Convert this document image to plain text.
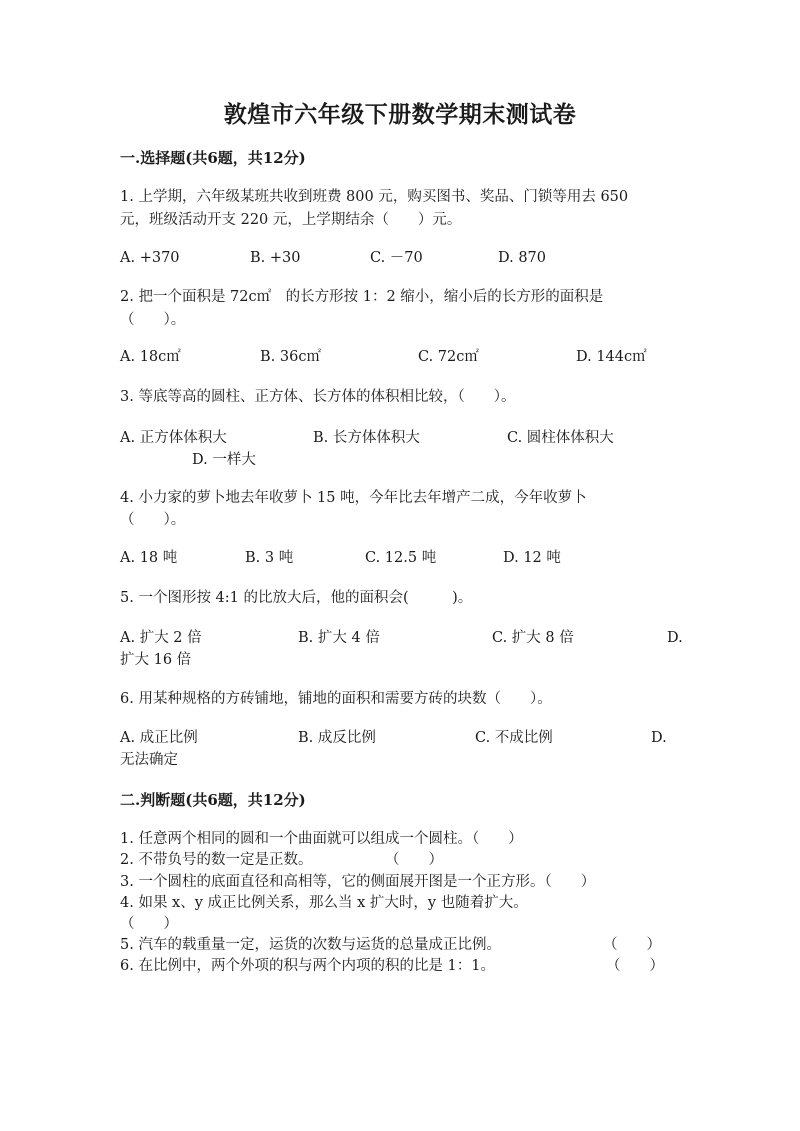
敦煌市六年级下册数学期末测试卷
一.选择题(共6题，共12分)
1. 上学期，六年级某班共收到班费 800 元，购买图书、奖品、门锁等用去 650
元，班级活动开支 220 元，上学期结余（　　）元。
A. +370	B. +30	C. －70	D. 870
2. 把一个面积是 72c㎡　的长方形按 1：2 缩小，缩小后的长方形的面积是
（　　）。
A. 18c㎡	B. 36c㎡	C. 72c㎡	D. 144c㎡
3. 等底等高的圆柱、正方体、长方体的体积相比较，（　　）。
A. 正方体体积大	B. 长方体体积大	C. 圆柱体体积大
D. 一样大
4. 小力家的萝卜地去年收萝卜 15 吨，今年比去年增产二成，今年收萝卜
（　　）。
A. 18 吨	B. 3 吨	C. 12.5 吨	D. 12 吨
5. 一个图形按 4:1 的比放大后，他的面积会(　　　)。
A. 扩大 2 倍	B. 扩大 4 倍	C. 扩大 8 倍	D.
扩大 16 倍
6. 用某种规格的方砖铺地，铺地的面积和需要方砖的块数（　　）。
A. 成正比例	B. 成反比例	C. 不成比例	D.
无法确定
二.判断题(共6题，共12分)
1. 任意两个相同的圆和一个曲面就可以组成一个圆柱。（　　）
2. 不带负号的数一定是正数。	（　　）
3. 一个圆柱的底面直径和高相等，它的侧面展开图是一个正方形。（　　）
4. 如果 x、y 成正比例关系，那么当 x 扩大时，y 也随着扩大。
（　　）
5. 汽车的载重量一定，运货的次数与运货的总量成正比例。	（　　）
6. 在比例中，两个外项的积与两个内项的积的比是 1：1。	（　　）
